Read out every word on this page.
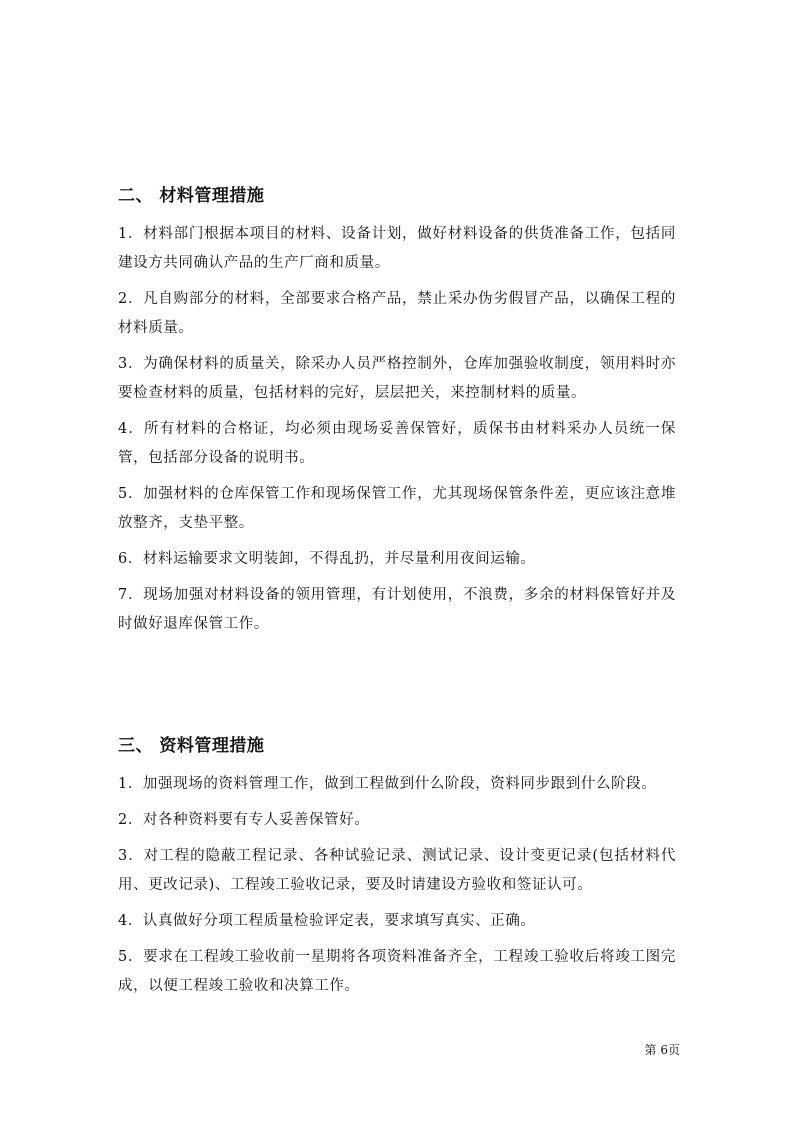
二、 材料管理措施

1．材料部门根据本项目的材料、设备计划，做好材料设备的供货准备工作，包括同建设方共同确认产品的生产厂商和质量。

2．凡自购部分的材料，全部要求合格产品，禁止采办伪劣假冒产品，以确保工程的材料质量。

3．为确保材料的质量关，除采办人员严格控制外，仓库加强验收制度，领用料时亦要检查材料的质量，包括材料的完好，层层把关，来控制材料的质量。

4．所有材料的合格证，均必须由现场妥善保管好，质保书由材料采办人员统一保管，包括部分设备的说明书。

5．加强材料的仓库保管工作和现场保管工作，尤其现场保管条件差，更应该注意堆放整齐，支垫平整。

6．材料运输要求文明装卸，不得乱扔，并尽量利用夜间运输。

7．现场加强对材料设备的领用管理，有计划使用，不浪费，多余的材料保管好并及时做好退库保管工作。

三、 资料管理措施

1．加强现场的资料管理工作，做到工程做到什么阶段，资料同步跟到什么阶段。

2．对各种资料要有专人妥善保管好。

3．对工程的隐蔽工程记录、各种试验记录、测试记录、设计变更记录(包括材料代用、更改记录)、工程竣工验收记录，要及时请建设方验收和签证认可。

4．认真做好分项工程质量检验评定表，要求填写真实、正确。

5．要求在工程竣工验收前一星期将各项资料准备齐全，工程竣工验收后将竣工图完成，以便工程竣工验收和决算工作。

第 6页
